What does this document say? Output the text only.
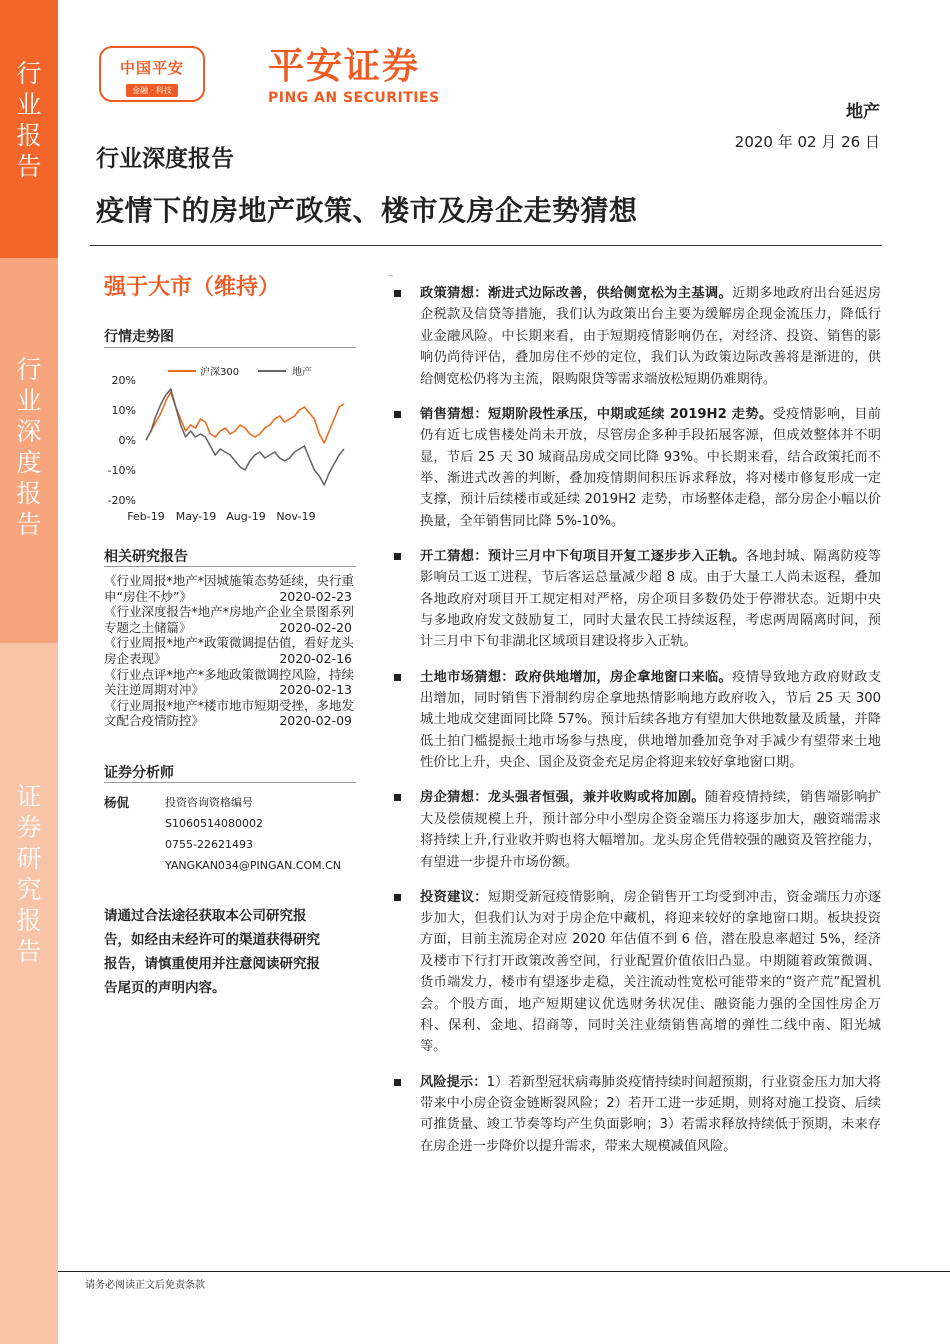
行
业
报
告
行
业
深
度
报
告
证
券
研
究
报
告
中国平安
金融 · 科技
平安证券
PING AN SECURITIES
地产
2020 年 02 月 26 日
行业深度报告
疫情下的房地产政策、楼市及房企走势猜想
–
强于大市（维持）
行情走势图
沪深300	地产
20%
10%
0%
-10%
-20%
Feb-19 May-19 Aug-19 Nov-19
相关研究报告
《行业周报*地产*因城施策态势延续，央行重申“房住不炒”》	2020-02-23
《行业深度报告*地产*房地产企业全景图系列专题之土储篇》	2020-02-20
《行业周报*地产*政策微调提估值，看好龙头房企表现》	2020-02-16
《行业点评*地产*多地政策微调控风险，持续关注逆周期对冲》	2020-02-13
《行业周报*地产*楼市地市短期受挫，多地发文配合疫情防控》	2020-02-09
证券分析师
杨侃	投资咨询资格编号
S1060514080002
0755-22621493
YANGKAN034@PINGAN.COM.CN
请通过合法途径获取本公司研究报告，如经由未经许可的渠道获得研究报告，请慎重使用并注意阅读研究报告尾页的声明内容。
政策猜想：渐进式边际改善，供给侧宽松为主基调。近期多地政府出台延迟房企税款及信贷等措施，我们认为政策出台主要为缓解房企现金流压力，降低行业金融风险。中长期来看，由于短期疫情影响仍在，对经济、投资、销售的影响仍尚待评估，叠加房住不炒的定位，我们认为政策边际改善将是渐进的，供给侧宽松仍将为主流，限购限贷等需求端放松短期仍难期待。
销售猜想：短期阶段性承压，中期或延续 2019H2 走势。受疫情影响，目前仍有近七成售楼处尚未开放，尽管房企多种手段拓展客源，但成效整体并不明显，节后 25 天 30 城商品房成交同比降 93%。中长期来看，结合政策托而不举、渐进式改善的判断，叠加疫情期间积压诉求释放，将对楼市修复形成一定支撑，预计后续楼市或延续 2019H2 走势，市场整体走稳，部分房企小幅以价换量，全年销售同比降 5%-10%。
开工猜想：预计三月中下旬项目开复工逐步步入正轨。各地封城、隔离防疫等影响员工返工进程，节后客运总量减少超 8 成。由于大量工人尚未返程，叠加各地政府对项目开工规定相对严格，房企项目多数仍处于停滞状态。近期中央与多地政府发文鼓励复工，同时大量农民工持续返程，考虑两周隔离时间，预计三月中下旬非湖北区域项目建设将步入正轨。
土地市场猜想：政府供地增加，房企拿地窗口来临。疫情导致地方政府财政支出增加，同时销售下滑制约房企拿地热情影响地方政府收入，节后 25 天 300 城土地成交建面同比降 57%。预计后续各地方有望加大供地数量及质量，并降低土拍门槛提振土地市场参与热度，供地增加叠加竞争对手减少有望带来土地性价比上升，央企、国企及资金充足房企将迎来较好拿地窗口期。
房企猜想：龙头强者恒强，兼并收购或将加剧。随着疫情持续，销售端影响扩大及偿债规模上升，预计部分中小型房企资金端压力将逐步加大，融资端需求将持续上升,行业收并购也将大幅增加。龙头房企凭借较强的融资及管控能力，有望进一步提升市场份额。
投资建议：短期受新冠疫情影响，房企销售开工均受到冲击，资金端压力亦逐步加大，但我们认为对于房企危中藏机，将迎来较好的拿地窗口期。板块投资方面，目前主流房企对应 2020 年估值不到 6 倍，潜在股息率超过 5%，经济及楼市下行打开政策改善空间，行业配置价值依旧凸显。中期随着政策微调、货币端发力，楼市有望逐步走稳，关注流动性宽松可能带来的“资产荒”配置机会。个股方面，地产短期建议优选财务状况佳、融资能力强的全国性房企万科、保利、金地、招商等，同时关注业绩销售高增的弹性二线中南、阳光城等。
风险提示：1）若新型冠状病毒肺炎疫情持续时间超预期，行业资金压力加大将带来中小房企资金链断裂风险；2）若开工进一步延期，则将对施工投资、后续可推货量、竣工节奏等均产生负面影响；3）若需求释放持续低于预期，未来存在房企进一步降价以提升需求，带来大规模减值风险。
请务必阅读正文后免责条款
